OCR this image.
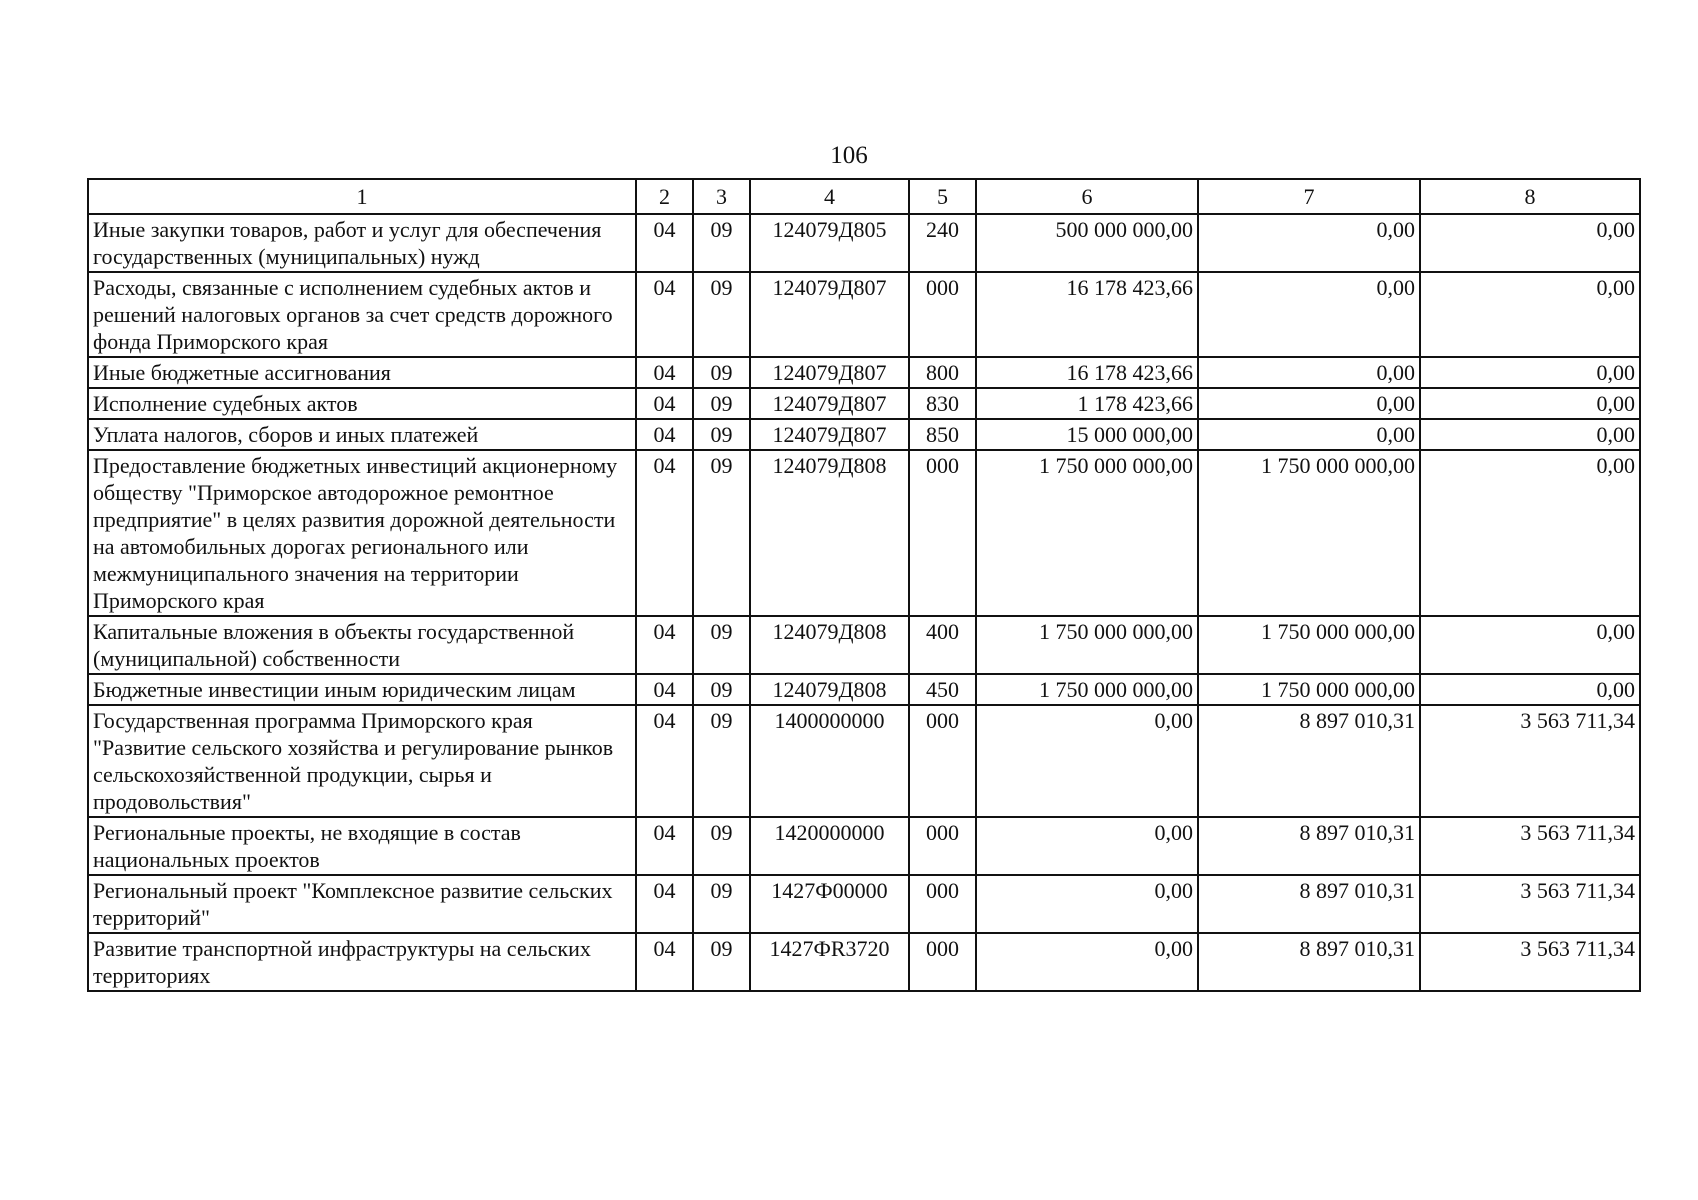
106
1	2	3	4	5	6	7	8
Иные закупки товаров, работ и услуг для обеспечения государственных (муниципальных) нужд	04	09	124079Д805	240	500 000 000,00	0,00	0,00
Расходы, связанные с исполнением судебных актов и решений налоговых органов за счет средств дорожного фонда Приморского края	04	09	124079Д807	000	16 178 423,66	0,00	0,00
Иные бюджетные ассигнования	04	09	124079Д807	800	16 178 423,66	0,00	0,00
Исполнение судебных актов	04	09	124079Д807	830	1 178 423,66	0,00	0,00
Уплата налогов, сборов и иных платежей	04	09	124079Д807	850	15 000 000,00	0,00	0,00
Предоставление бюджетных инвестиций акционерному обществу "Приморское автодорожное ремонтное предприятие" в целях развития дорожной деятельности на автомобильных дорогах регионального или межмуниципального значения на территории Приморского края	04	09	124079Д808	000	1 750 000 000,00	1 750 000 000,00	0,00
Капитальные вложения в объекты государственной (муниципальной) собственности	04	09	124079Д808	400	1 750 000 000,00	1 750 000 000,00	0,00
Бюджетные инвестиции иным юридическим лицам	04	09	124079Д808	450	1 750 000 000,00	1 750 000 000,00	0,00
Государственная программа Приморского края "Развитие сельского хозяйства и регулирование рынков сельскохозяйственной продукции, сырья и продовольствия"	04	09	1400000000	000	0,00	8 897 010,31	3 563 711,34
Региональные проекты, не входящие в состав национальных проектов	04	09	1420000000	000	0,00	8 897 010,31	3 563 711,34
Региональный проект "Комплексное развитие сельских территорий"	04	09	1427Ф00000	000	0,00	8 897 010,31	3 563 711,34
Развитие транспортной инфраструктуры на сельских территориях	04	09	1427ФR3720	000	0,00	8 897 010,31	3 563 711,34
